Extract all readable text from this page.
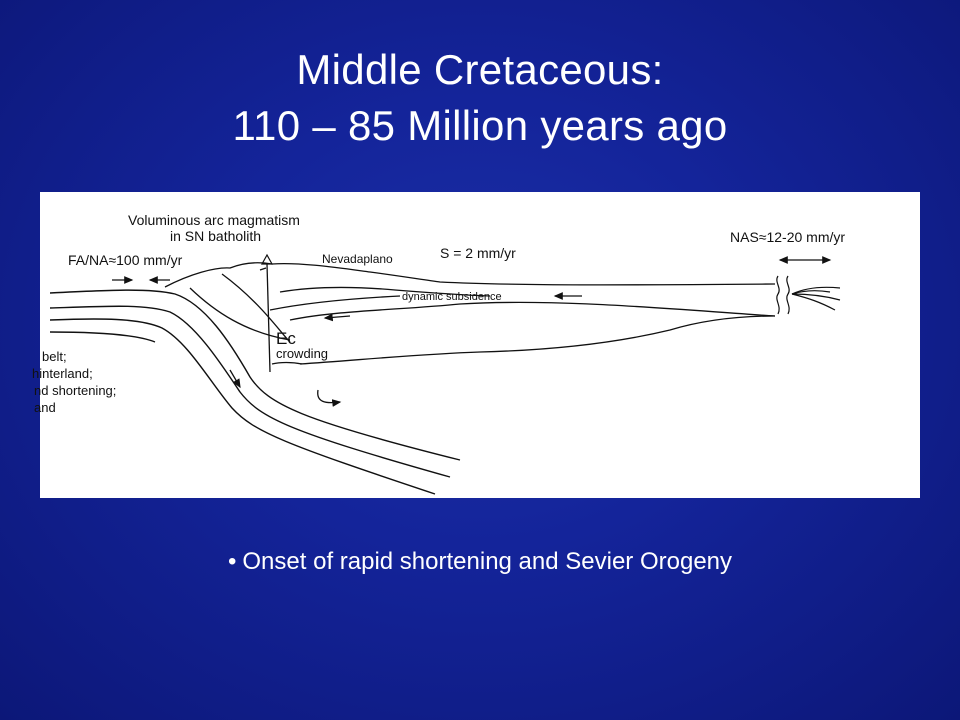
Middle Cretaceous:
110 – 85 Million years ago
Voluminous arc magmatism
in SN batholith
FA/NA≈100 mm/yr	Nevadaplano	S = 2 mm/yr
NAS≈12-20 mm/yr
dynamic subsidence
Ec
crowding
belt;
hinterland;
nd shortening;
and
• Onset of rapid shortening and Sevier Orogeny
